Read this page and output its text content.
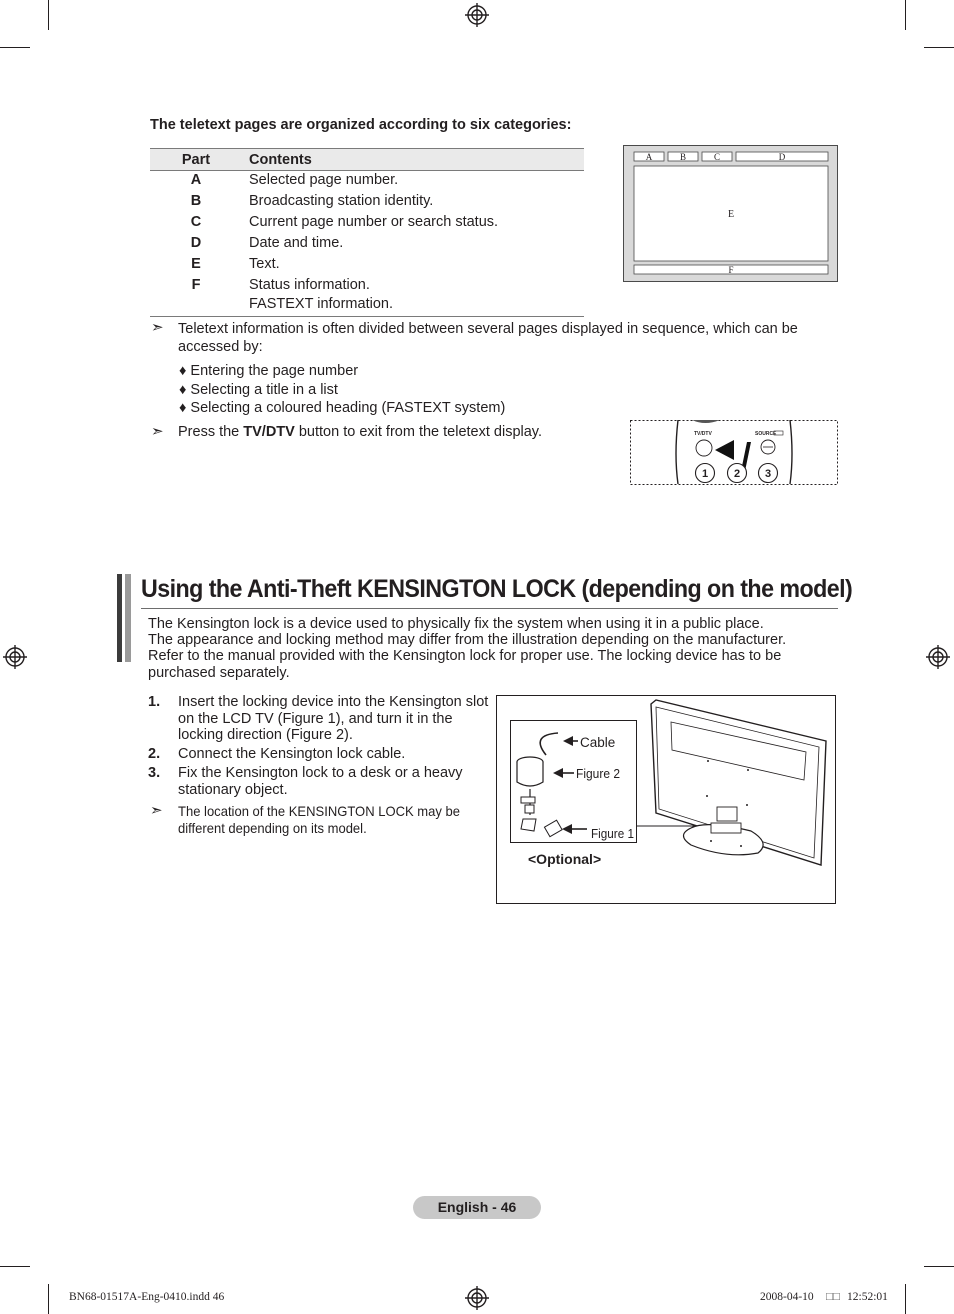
The teletext pages are organized according to six categories:
Part	Contents
A	Selected page number.
B	Broadcasting station identity.
C	Current page number or search status.
D	Date and time.
E	Text.
F	Status information.
FASTEXT information.
A	B	C	D
E
F
➣ Teletext information is often divided between several pages displayed in sequence, which can be accessed by:
♦ Entering the page number
♦ Selecting a title in a list
♦ Selecting a coloured heading (FASTEXT system)
➣ Press the TV/DTV button to exit from the teletext display.	TV/DTV	SOURCE
1 2 3
Using the Anti-Theft KENSINGTON LOCK (depending on the model)
The Kensington lock is a device used to physically fix the system when using it in a public place.
The appearance and locking method may differ from the illustration depending on the manufacturer.
Refer to the manual provided with the Kensington lock for proper use. The locking device has to be purchased separately.
1. Insert the locking device into the Kensington slot on the LCD TV (Figure 1), and turn it in the locking direction (Figure 2).
2. Connect the Kensington lock cable.
3. Fix the Kensington lock to a desk or a heavy stationary object.
➣ The location of the KENSINGTON LOCK may be different depending on its model.
Cable
Figure 2
Figure 1
<Optional>
English - 46
BN68-01517A-Eng-0410.indd 46	2008-04-10 □□ 12:52:01
